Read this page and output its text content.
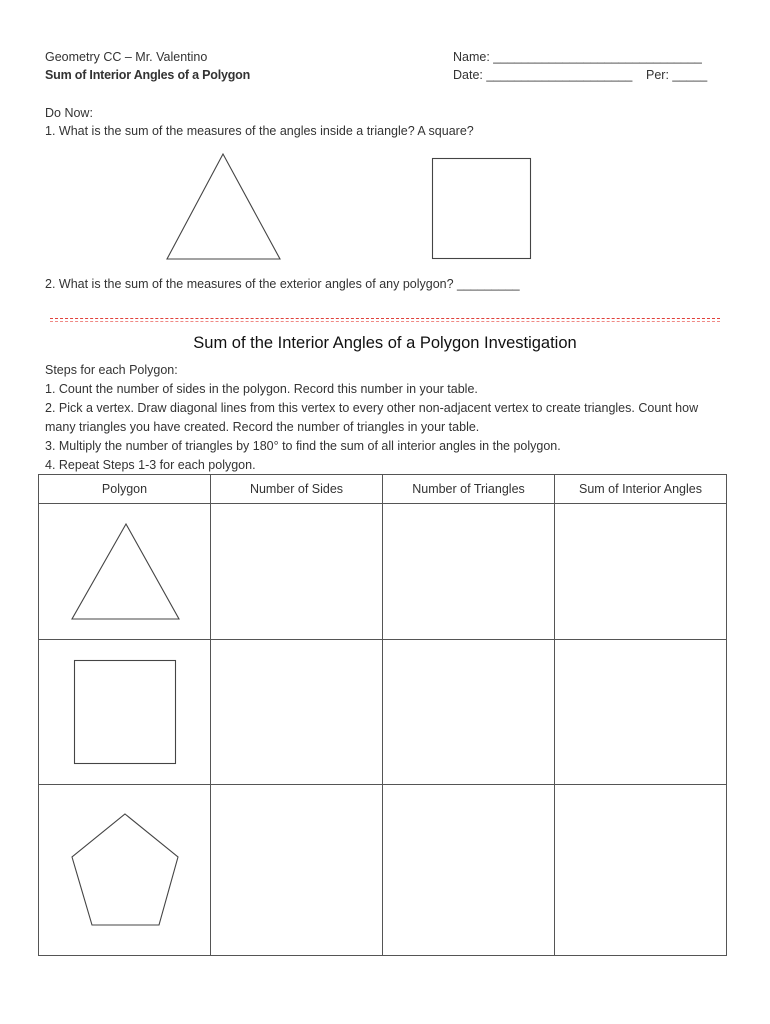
Geometry CC – Mr. Valentino
Sum of Interior Angles of a Polygon
Name: ______________________________
Date: _____________________ Per: _____
Do Now:
1. What is the sum of the measures of the angles inside a triangle? A square?
2. What is the sum of the measures of the exterior angles of any polygon? _________
Sum of the Interior Angles of a Polygon Investigation
Steps for each Polygon:
1. Count the number of sides in the polygon. Record this number in your table.
2. Pick a vertex. Draw diagonal lines from this vertex to every other non-adjacent vertex to create triangles. Count how many triangles you have created. Record the number of triangles in your table.
3. Multiply the number of triangles by 180° to find the sum of all interior angles in the polygon.
4. Repeat Steps 1-3 for each polygon.
Polygon	Number of Sides	Number of Triangles	Sum of Interior Angles
